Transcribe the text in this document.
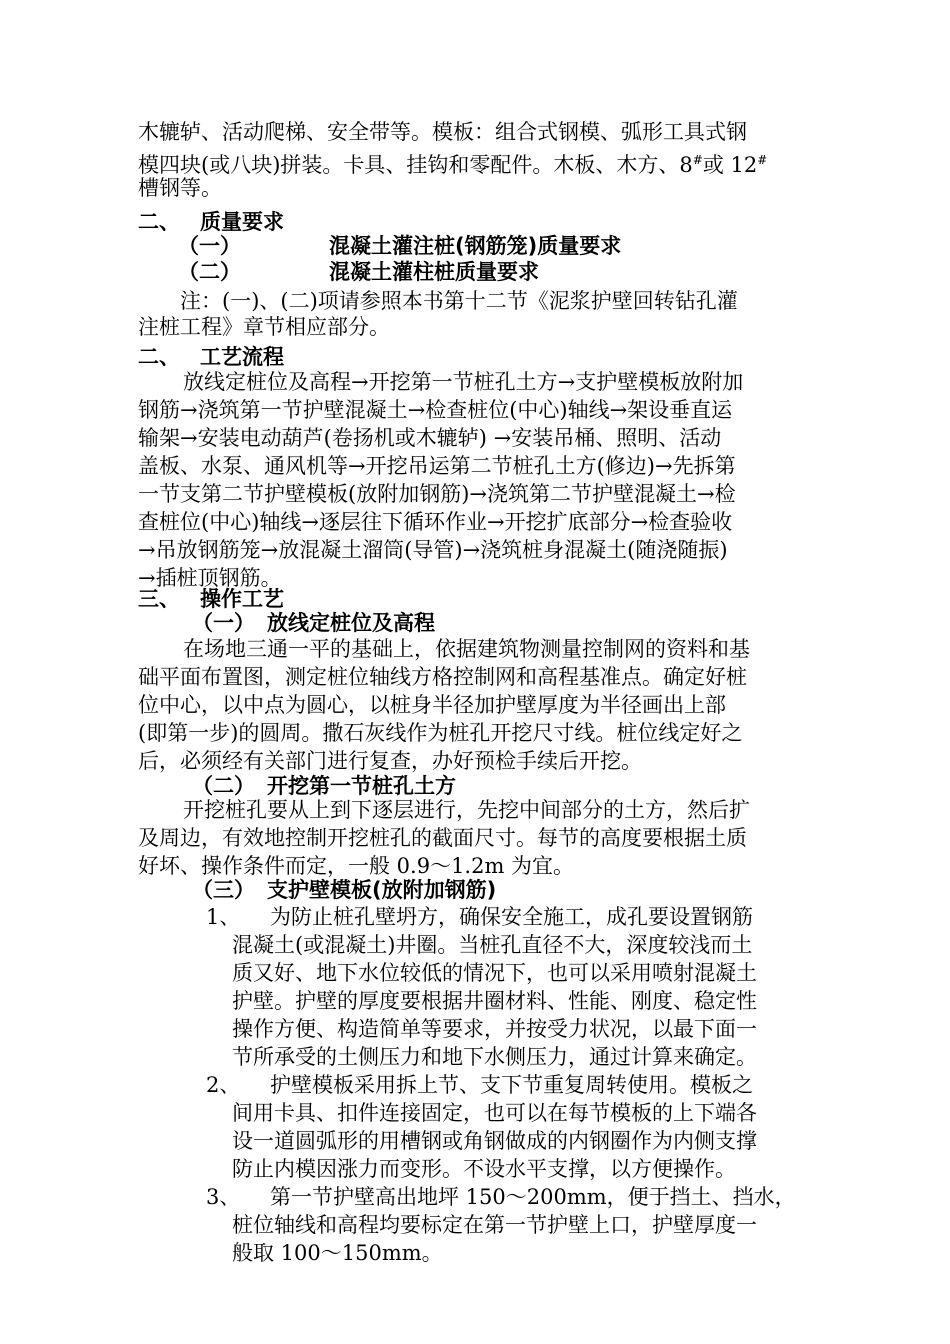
木辘轳、活动爬梯、安全带等。模板：组合式钢模、弧形工具式钢
模四块(或八块)拼装。卡具、挂钩和零配件。木板、木方、8#或 12#
槽钢等。
二、 质量要求
（一）	混凝土灌注桩(钢筋笼)质量要求
（二）	混凝土灌柱桩质量要求
注：(一)、(二)项请参照本书第十二节《泥浆护壁回转钻孔灌
注桩工程》章节相应部分。
二、 工艺流程
放线定桩位及高程→开挖第一节桩孔土方→支护壁模板放附加
钢筋→浇筑第一节护壁混凝土→检查桩位(中心)轴线→架设垂直运
输架→安装电动葫芦(卷扬机或木辘轳) →安装吊桶、照明、活动
盖板、水泵、通风机等→开挖吊运第二节桩孔土方(修边)→先拆第
一节支第二节护壁模板(放附加钢筋)→浇筑第二节护壁混凝土→检
查桩位(中心)轴线→逐层往下循环作业→开挖扩底部分→检查验收
→吊放钢筋笼→放混凝土溜筒(导管)→浇筑桩身混凝土(随浇随振)
→插桩顶钢筋。
三、 操作工艺
（一） 放线定桩位及高程
在场地三通一平的基础上，依据建筑物测量控制网的资料和基
础平面布置图，测定桩位轴线方格控制网和高程基准点。确定好桩
位中心，以中点为圆心，以桩身半径加护壁厚度为半径画出上部
(即第一步)的圆周。撒石灰线作为桩孔开挖尺寸线。桩位线定好之
后，必须经有关部门进行复查，办好预检手续后开挖。
（二） 开挖第一节桩孔土方
开挖桩孔要从上到下逐层进行，先挖中间部分的土方，然后扩
及周边，有效地控制开挖桩孔的截面尺寸。每节的高度要根据土质
好坏、操作条件而定，一般 0.9～1.2m 为宜。
（三） 支护壁模板(放附加钢筋)
1、 为防止桩孔壁坍方，确保安全施工，成孔要设置钢筋
混凝土(或混凝土)井圈。当桩孔直径不大，深度较浅而土
质又好、地下水位较低的情况下，也可以采用喷射混凝土
护壁。护壁的厚度要根据井圈材料、性能、刚度、稳定性
操作方便、构造简单等要求，并按受力状况，以最下面一
节所承受的土侧压力和地下水侧压力，通过计算来确定。
2、 护壁模板采用拆上节、支下节重复周转使用。模板之
间用卡具、扣件连接固定，也可以在每节模板的上下端各
设一道圆弧形的用槽钢或角钢做成的内钢圈作为内侧支撑
防止内模因涨力而变形。不设水平支撑，以方便操作。
3、 第一节护壁高出地坪 150～200mm，便于挡土、挡水，
桩位轴线和高程均要标定在第一节护壁上口，护壁厚度一
般取 100～150mm。
